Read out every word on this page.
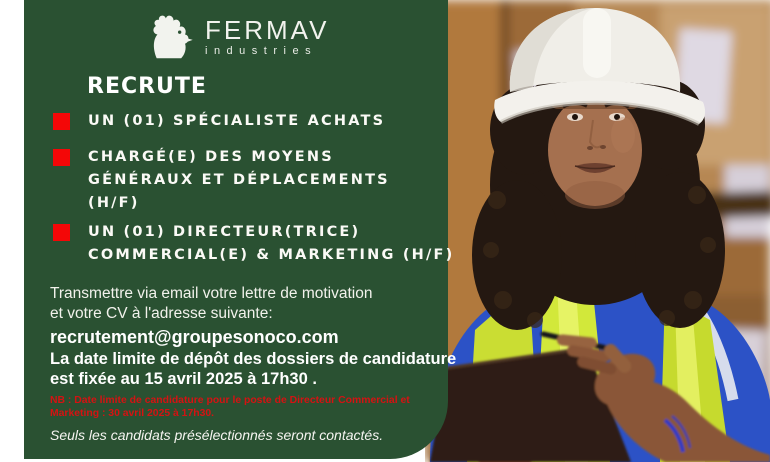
FERMAV
industries
RECRUTE
UN (01) SPÉCIALISTE ACHATS
CHARGÉ(E) DES MOYENS
GÉNÉRAUX ET DÉPLACEMENTS
(H/F)
UN (01) DIRECTEUR(TRICE)
COMMERCIAL(E) & MARKETING (H/F)
Transmettre via email votre lettre de motivation
et votre CV à l'adresse suivante:
recrutement@groupesonoco.com
La date limite de dépôt des dossiers de candidature
est fixée au 15 avril 2025 à 17h30 .
NB : Date limite de candidature pour le poste de Directeur Commercial et
Marketing : 30 avril 2025 à 17h30.
Seuls les candidats présélectionnés seront contactés.
